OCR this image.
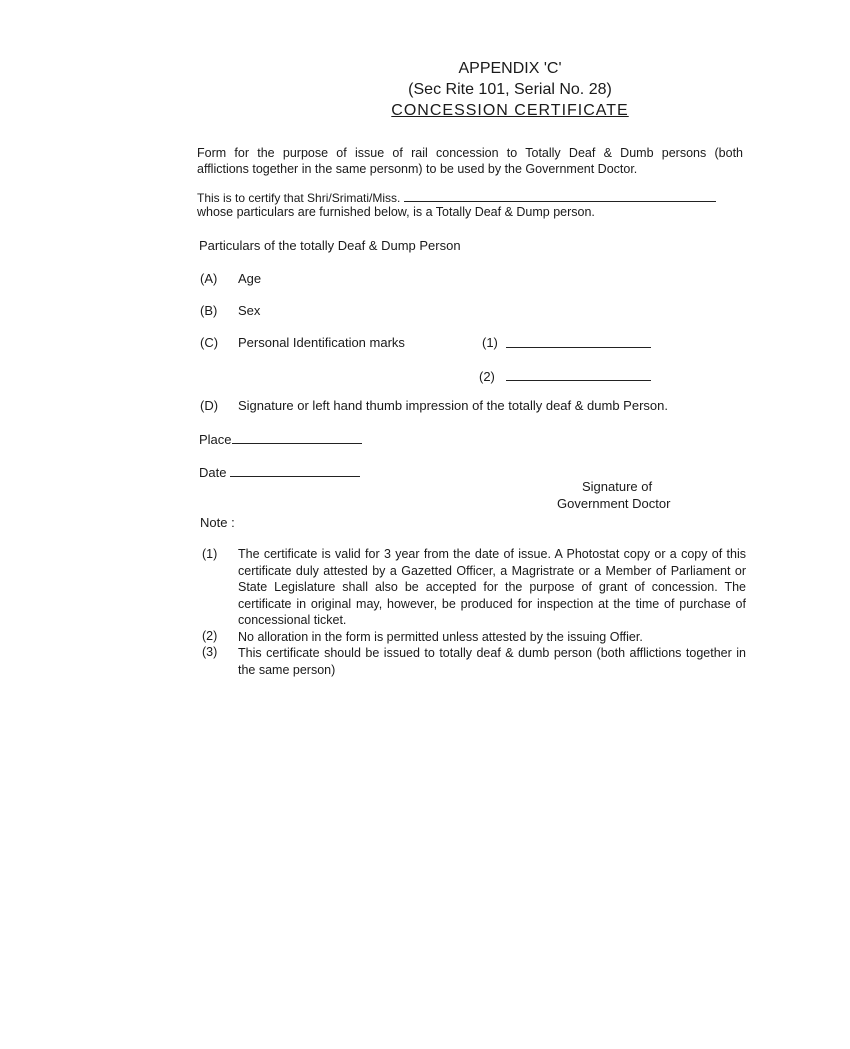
APPENDIX 'C'
(Sec Rite 101, Serial No. 28)
CONCESSION CERTIFICATE
Form for the purpose of issue of rail concession to Totally Deaf & Dumb persons (both
afflictions together in the same personm) to be used by the Government Doctor.
This is to certify that Shri/Srimati/Miss.
whose particulars are furnished below, is a Totally Deaf & Dump person.
Particulars of the totally Deaf & Dump Person
(A) Age
(B) Sex
(C) Personal Identification marks	(1)
(2)
(D) Signature or left hand thumb impression of the totally deaf & dumb Person.
Place
Date
Signature of
Government Doctor
Note :
(1) The certificate is valid for 3 year from the date of issue. A Photostat copy or a copy of this certificate duly attested by a Gazetted Officer, a Magristrate or a Member of Parliament or State Legislature shall also be accepted for the purpose of grant of concession. The certificate in original may, however, be produced for inspection at the time of purchase of concessional ticket.
(2) No alloration in the form is permitted unless attested by the issuing Offier.
(3) This certificate should be issued to totally deaf & dumb person (both afflictions together in the same person)
